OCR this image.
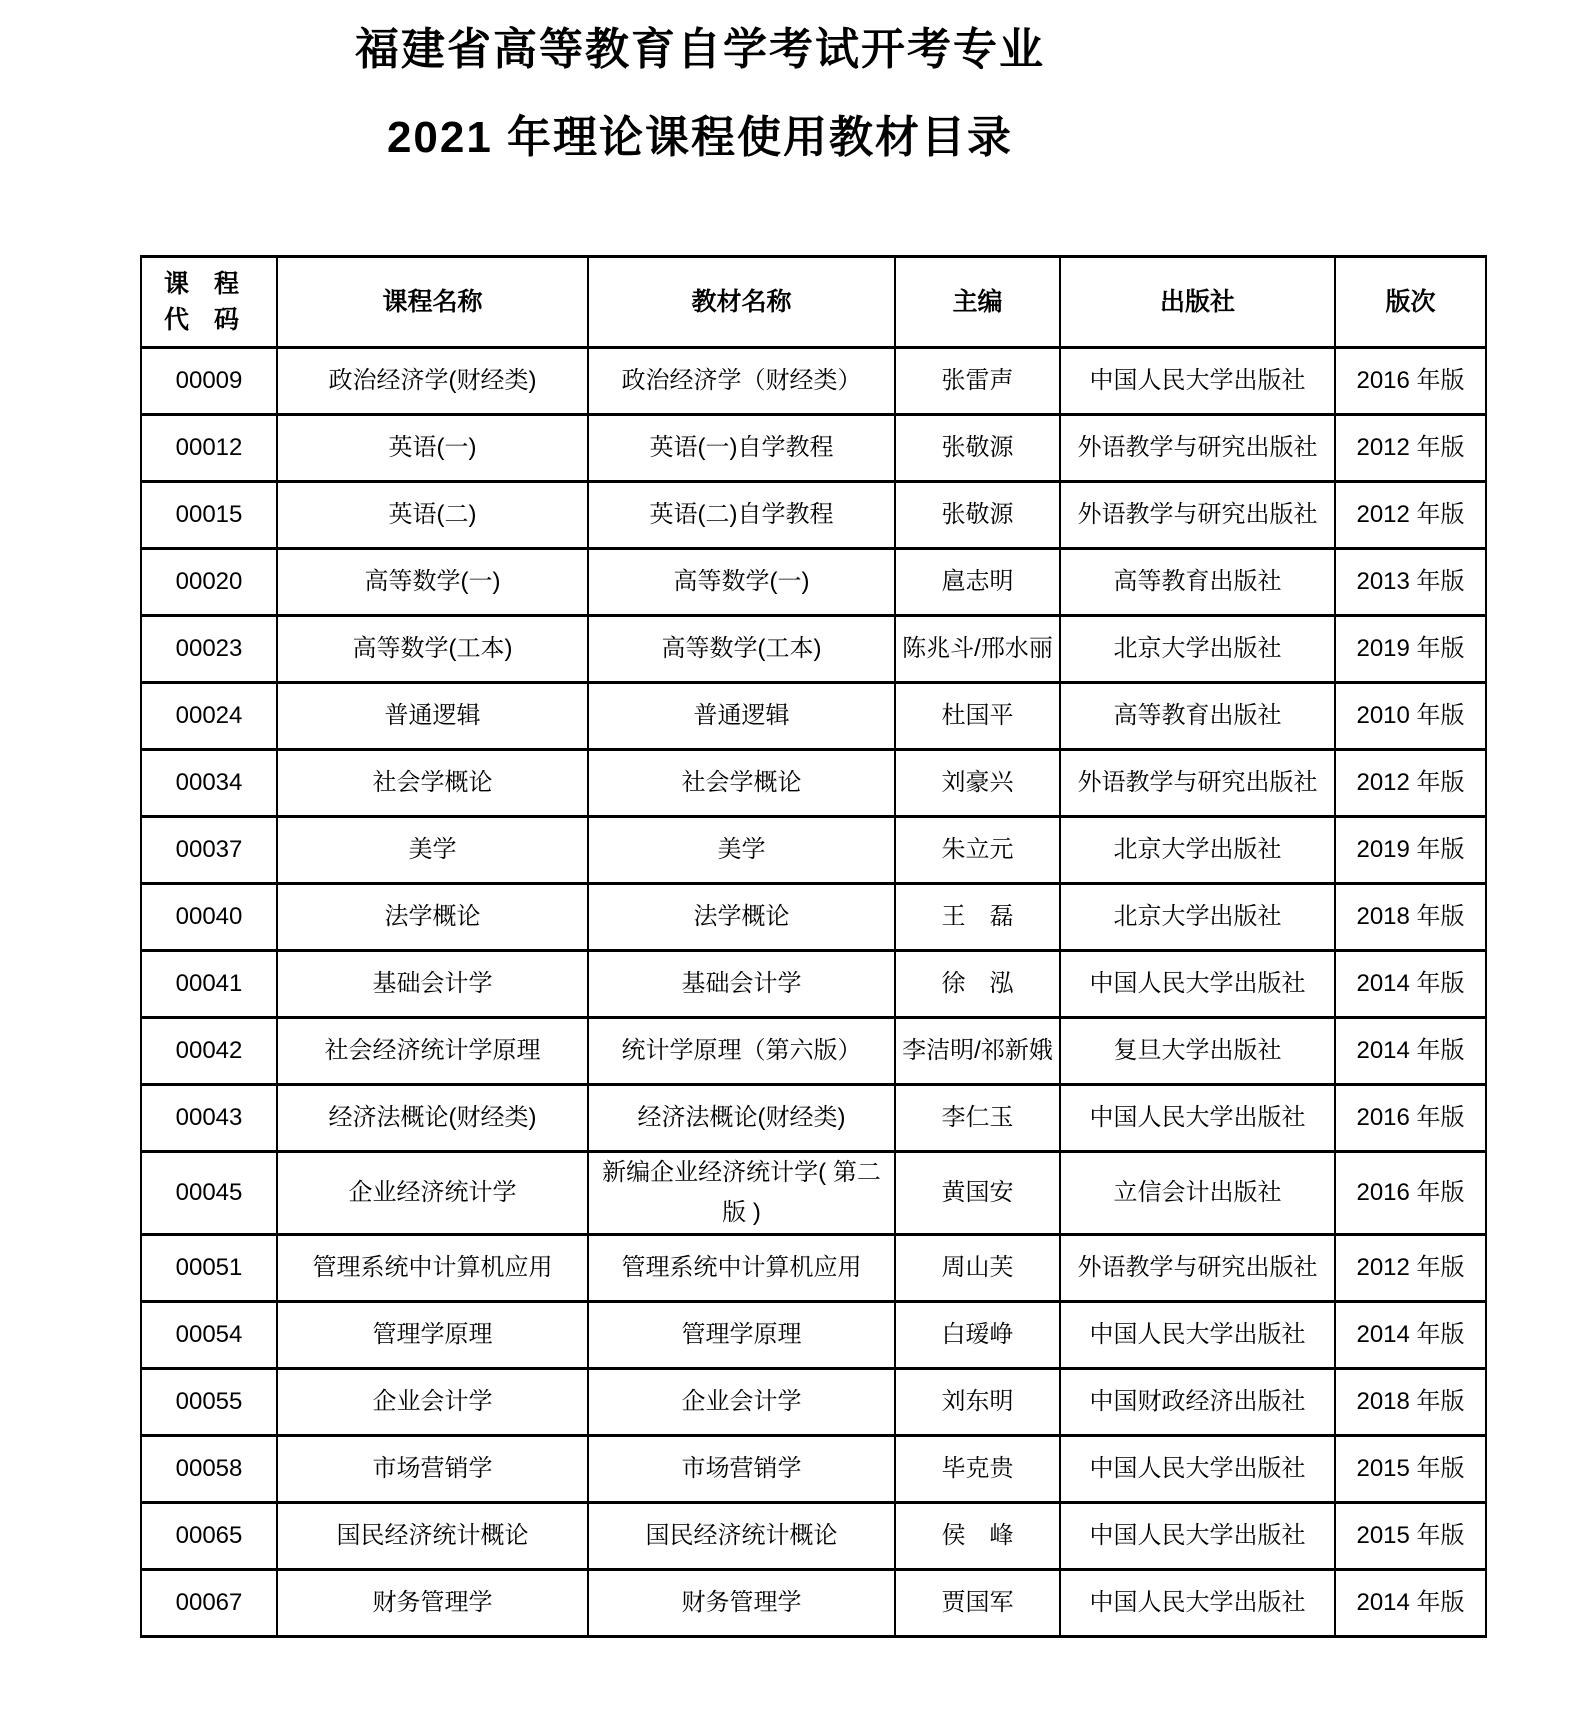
福建省高等教育自学考试开考专业
2021 年理论课程使用教材目录
课　程
代　码	课程名称	教材名称	主编	出版社	版次
00009	政治经济学(财经类)	政治经济学（财经类）	张雷声	中国人民大学出版社	2016 年版
00012	英语(一)	英语(一)自学教程	张敬源	外语教学与研究出版社	2012 年版
00015	英语(二)	英语(二)自学教程	张敬源	外语教学与研究出版社	2012 年版
00020	高等数学(一)	高等数学(一)	扈志明	高等教育出版社	2013 年版
00023	高等数学(工本)	高等数学(工本)	陈兆斗/邢水丽	北京大学出版社	2019 年版
00024	普通逻辑	普通逻辑	杜国平	高等教育出版社	2010 年版
00034	社会学概论	社会学概论	刘豪兴	外语教学与研究出版社	2012 年版
00037	美学	美学	朱立元	北京大学出版社	2019 年版
00040	法学概论	法学概论	王　磊	北京大学出版社	2018 年版
00041	基础会计学	基础会计学	徐　泓	中国人民大学出版社	2014 年版
00042	社会经济统计学原理	统计学原理（第六版）	李洁明/祁新娥	复旦大学出版社	2014 年版
00043	经济法概论(财经类)	经济法概论(财经类)	李仁玉	中国人民大学出版社	2016 年版
00045	企业经济统计学	新编企业经济统计学( 第二版 )	黄国安	立信会计出版社	2016 年版
00051	管理系统中计算机应用	管理系统中计算机应用	周山芙	外语教学与研究出版社	2012 年版
00054	管理学原理	管理学原理	白瑷峥	中国人民大学出版社	2014 年版
00055	企业会计学	企业会计学	刘东明	中国财政经济出版社	2018 年版
00058	市场营销学	市场营销学	毕克贵	中国人民大学出版社	2015 年版
00065	国民经济统计概论	国民经济统计概论	侯　峰	中国人民大学出版社	2015 年版
00067	财务管理学	财务管理学	贾国军	中国人民大学出版社	2014 年版
